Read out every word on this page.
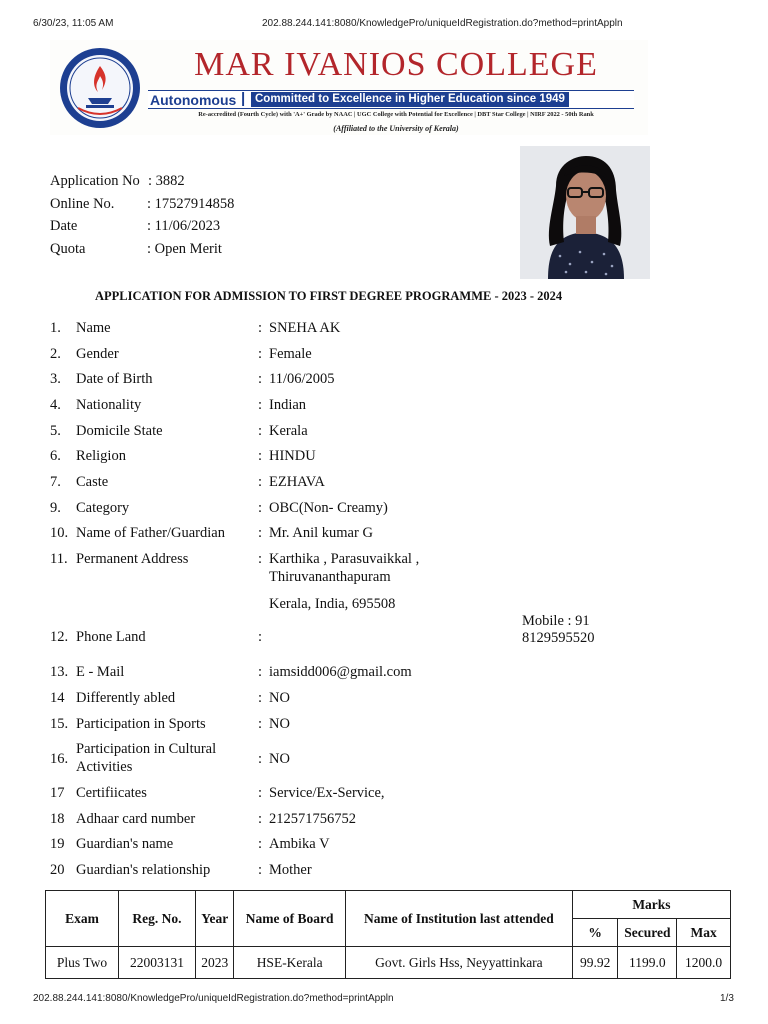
6/30/23, 11:05 AM	202.88.244.141:8080/KnowledgePro/uniqueIdRegistration.do?method=printAppln
MAR IVANIOS COLLEGE
Autonomous | Committed to Excellence in Higher Education since 1949
Re-accredited (Fourth Cycle) with 'A+' Grade by NAAC | UGC College with Potential for Excellence | DBT Star College | NIRF 2022 - 50th Rank
(Affiliated to the University of Kerala)
Application No : 3882
Online No. : 17527914858
Date	: 11/06/2023
Quota	: Open Merit
APPLICATION FOR ADMISSION TO FIRST DEGREE PROGRAMME - 2023 - 2024
1. Name	: SNEHA AK
2. Gender	: Female
3. Date of Birth	: 11/06/2005
4. Nationality	: Indian
5. Domicile State	: Kerala
6. Religion	: HINDU
7. Caste	: EZHAVA
9. Category	: OBC(Non- Creamy)
10. Name of Father/Guardian : Mr. Anil kumar G
11. Permanent Address	: Karthika , Parasuvaikkal ,
Thiruvananthapuram
Kerala, India, 695508
12. Phone Land	:
Mobile : 91
8129595520
13. E - Mail	: iamsidd006@gmail.com
14 Differently abled	: NO
15. Participation in Sports	: NO
16.
Participation in Cultural
Activities	: NO
17 Certifiicates	: Service/Ex-Service,
18 Adhaar card number	: 212571756752
19 Guardian's name	: Ambika V
20 Guardian's relationship	: Mother
Exam	Reg. No.	Year	Name of Board	Name of Institution last attended	Marks		
					%	Secured	Max
Plus Two	22003131	2023	HSE-Kerala	Govt. Girls Hss, Neyyattinkara	99.92	1199.0	1200.0
202.88.244.141:8080/KnowledgePro/uniqueIdRegistration.do?method=printAppln	1/3
